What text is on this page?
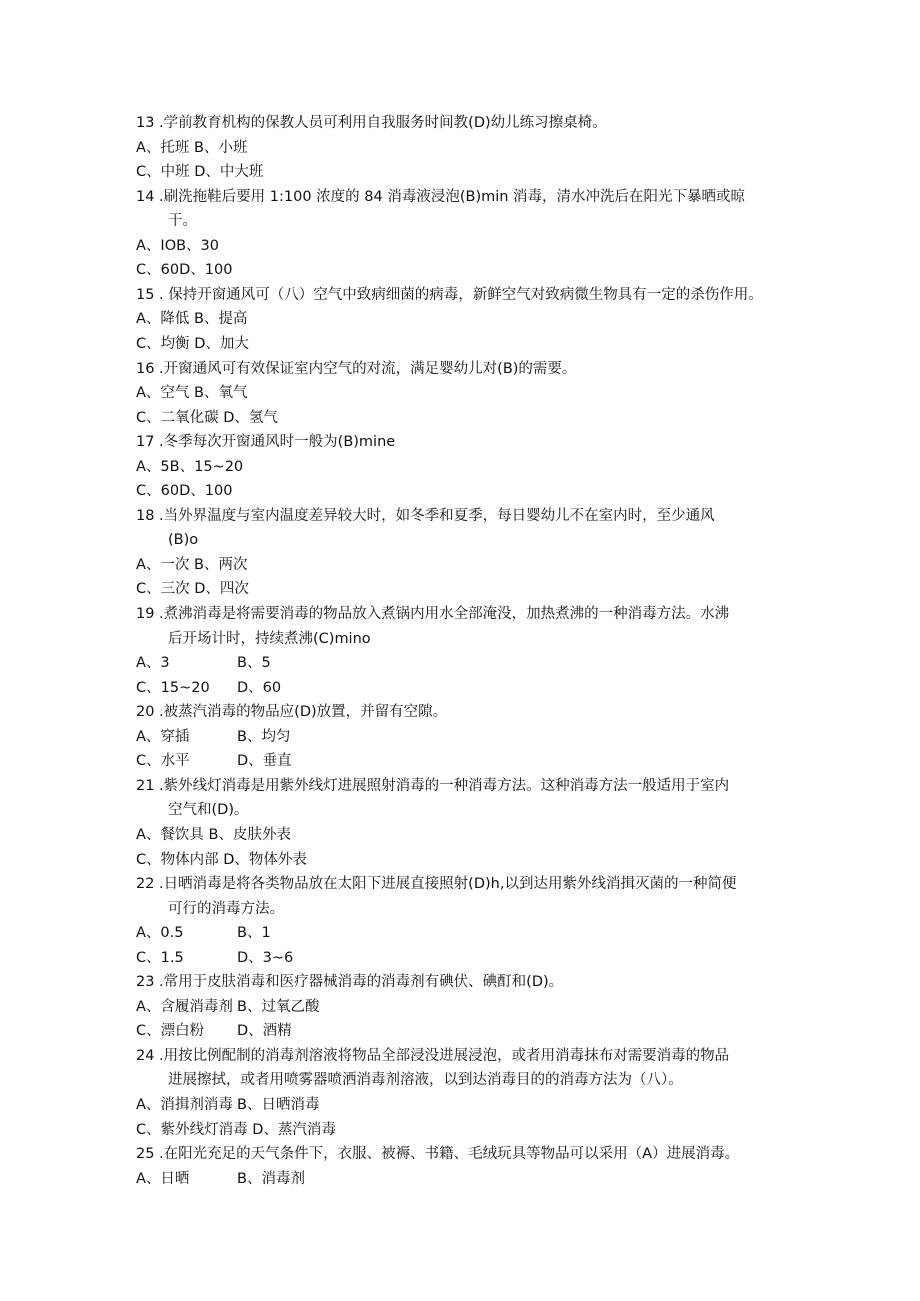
13 .学前教育机构的保教人员可利用自我服务时间教(D)幼儿练习擦桌椅。
A、托班 B、小班
C、中班 D、中大班
14 .刷洗拖鞋后要用 1:100 浓度的 84 消毒液浸泡(B)min 消毒，清水冲洗后在阳光下暴晒或晾
干。
A、IOB、30
C、60D、100
15 . 保持开窗通风可（八）空气中致病细菌的病毒，新鲜空气对致病微生物具有一定的杀伤作用。
A、降低 B、提高
C、均衡 D、加大
16 .开窗通风可有效保证室内空气的对流，满足婴幼儿对(B)的需要。
A、空气 B、氧气
C、二氧化碳 D、氢气
17 .冬季每次开窗通风时一般为(B)mine
A、5B、15~20
C、60D、100
18 .当外界温度与室内温度差异较大时，如冬季和夏季，每日婴幼儿不在室内时，至少通风
(B)o
A、一次 B、两次
C、三次 D、四次
19 .煮沸消毒是将需要消毒的物品放入煮锅内用水全部淹没，加热煮沸的一种消毒方法。水沸
后开场计时，持续煮沸(C)mino
A、3	B、5
C、15~20 D、60
20 .被蒸汽消毒的物品应(D)放置，并留有空隙。
A、穿插	B、均匀
C、水平	D、垂直
21 .紫外线灯消毒是用紫外线灯进展照射消毒的一种消毒方法。这种消毒方法一般适用于室内
空气和(D)。
A、餐饮具 B、皮肤外表
C、物体内部 D、物体外表
22 .日晒消毒是将各类物品放在太阳下进展直接照射(D)h,以到达用紫外线消揖灭菌的一种简便
可行的消毒方法。
A、0.5	B、1
C、1.5	D、3~6
23 .常用于皮肤消毒和医疗器械消毒的消毒剂有碘伏、碘酊和(D)。
A、含履消毒剂 B、过氧乙酸
C、漂白粉 D、酒精
24 .用按比例配制的消毒剂溶液将物品全部浸没进展浸泡，或者用消毒抹布对需要消毒的物品
进展擦拭，或者用喷雾器喷洒消毒剂溶液，以到达消毒目的的消毒方法为（八）。
A、消揖剂消毒 B、日晒消毒
C、紫外线灯消毒 D、蒸汽消毒
25 .在阳光充足的天气条件下，衣服、被褥、书籍、毛绒玩具等物品可以采用（A）进展消毒。
A、日晒	B、消毒剂
